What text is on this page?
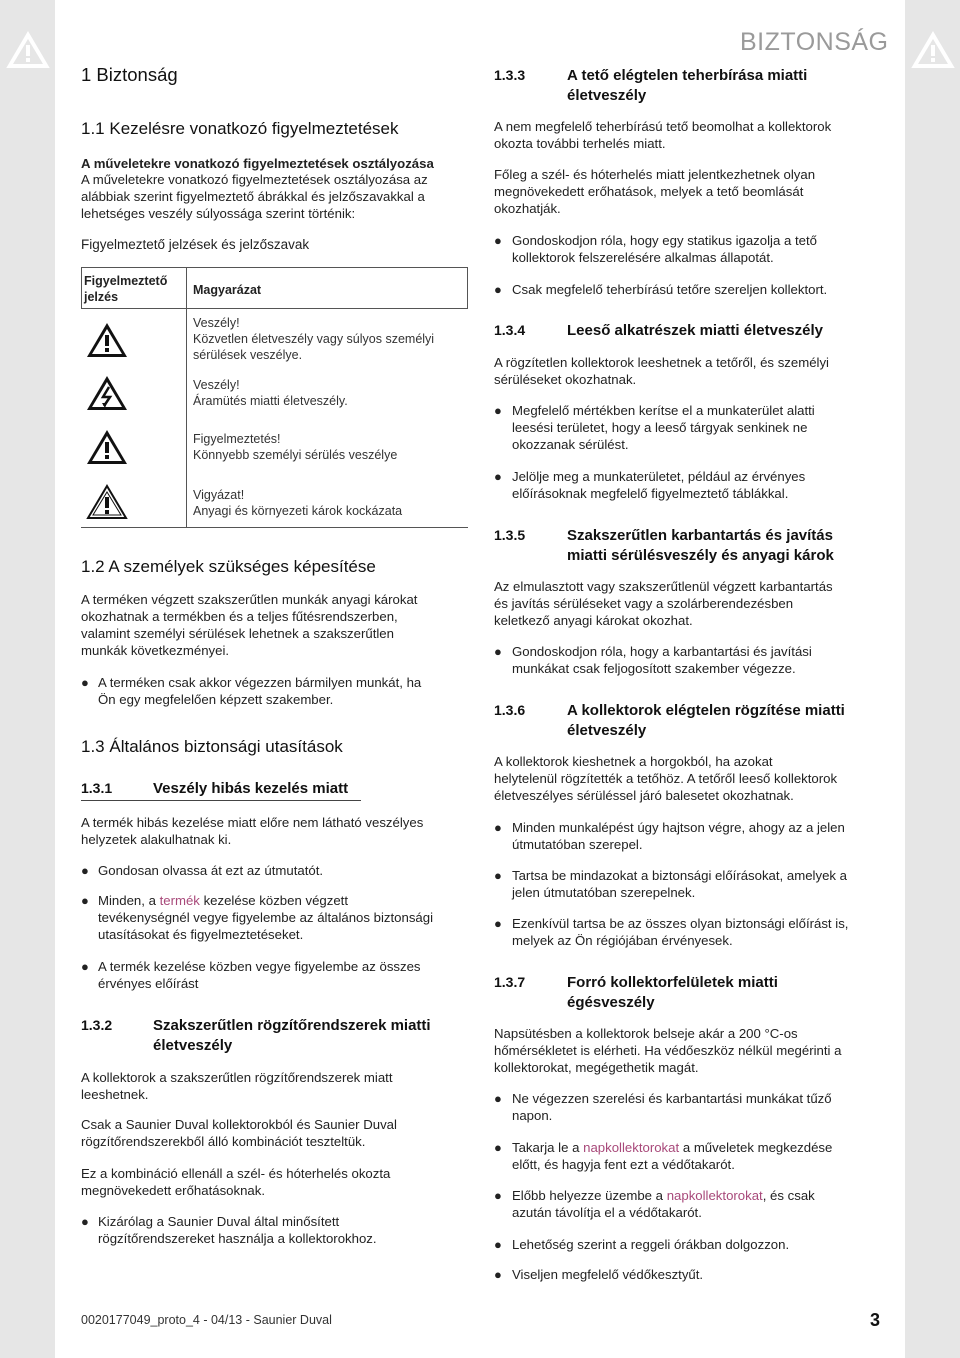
BIZTONSÁG
1 Biztonság
1.1 Kezelésre vonatkozó figyelmeztetések
A műveletekre vonatkozó figyelmeztetések osztályozása
A műveletekre vonatkozó figyelmeztetések osztályozása az
alábbiak szerint figyelmeztető ábrákkal és jelzőszavakkal a
lehetséges veszély súlyossága szerint történik:
Figyelmeztető jelzések és jelzőszavak
Figyelmeztető
jelzés	Magyarázat
Veszély!
Közvetlen életveszély vagy súlyos személyi
sérülések veszélye.
Veszély!
Áramütés miatti életveszély.
Figyelmeztetés!
Könnyebb személyi sérülés veszélye
Vigyázat!
Anyagi és környezeti károk kockázata
1.2 A személyek szükséges képesítése
A terméken végzett szakszerűtlen munkák anyagi károkat
okozhatnak a termékben és a teljes fűtésrendszerben,
valamint személyi sérülések lehetnek a szakszerűtlen
munkák következményei.
● A terméken csak akkor végezzen bármilyen munkát, ha
Ön egy megfelelően képzett szakember.
1.3 Általános biztonsági utasítások
1.3.1	Veszély hibás kezelés miatt
A termék hibás kezelése miatt előre nem látható veszélyes
helyzetek alakulhatnak ki.
● Gondosan olvassa át ezt az útmutatót.
● Minden, a termék kezelése közben végzett
tevékenységnél vegye figyelembe az általános biztonsági
utasításokat és figyelmeztetéseket.
● A termék kezelése közben vegye figyelembe az összes
érvényes előírást
1.3.2	Szakszerűtlen rögzítőrendszerek miatti
életveszély
A kollektorok a szakszerűtlen rögzítőrendszerek miatt
leeshetnek.
Csak a Saunier Duval kollektorokból és Saunier Duval
rögzítőrendszerekből álló kombinációt teszteltük.
Ez a kombináció ellenáll a szél- és hóterhelés okozta
megnövekedett erőhatásoknak.
● Kizárólag a Saunier Duval által minősített
rögzítőrendszereket használja a kollektorokhoz.
1.3.3	A tető elégtelen teherbírása miatti
életveszély
A nem megfelelő teherbírású tető beomolhat a kollektorok
okozta további terhelés miatt.
Főleg a szél- és hóterhelés miatt jelentkezhetnek olyan
megnövekedett erőhatások, melyek a tető beomlását
okozhatják.
● Gondoskodjon róla, hogy egy statikus igazolja a tető
kollektorok felszerelésére alkalmas állapotát.
● Csak megfelelő teherbírású tetőre szereljen kollektort.
1.3.4	Leeső alkatrészek miatti életveszély
A rögzítetlen kollektorok leeshetnek a tetőről, és személyi
sérüléseket okozhatnak.
● Megfelelő mértékben kerítse el a munkaterület alatti
leesési területet, hogy a leeső tárgyak senkinek ne
okozzanak sérülést.
● Jelölje meg a munkaterületet, például az érvényes
előírásoknak megfelelő figyelmeztető táblákkal.
1.3.5	Szakszerűtlen karbantartás és javítás
miatti sérülésveszély és anyagi károk
Az elmulasztott vagy szakszerűtlenül végzett karbantartás
és javítás sérüléseket vagy a szolárberendezésben
keletkező anyagi károkat okozhat.
● Gondoskodjon róla, hogy a karbantartási és javítási
munkákat csak feljogosított szakember végezze.
1.3.6	A kollektorok elégtelen rögzítése miatti
életveszély
A kollektorok kieshetnek a horgokból, ha azokat
helytelenül rögzítették a tetőhöz. A tetőről leeső kollektorok
életveszélyes sérüléssel járó balesetet okozhatnak.
● Minden munkalépést úgy hajtson végre, ahogy az a jelen
útmutatóban szerepel.
● Tartsa be mindazokat a biztonsági előírásokat, amelyek a
jelen útmutatóban szerepelnek.
● Ezenkívül tartsa be az összes olyan biztonsági előírást is,
melyek az Ön régiójában érvényesek.
1.3.7	Forró kollektorfelületek miatti
égésveszély
Napsütésben a kollektorok belseje akár a 200 °C-os
hőmérsékletet is elérheti. Ha védőeszköz nélkül megérinti a
kollektorokat, megégethetik magát.
● Ne végezzen szerelési és karbantartási munkákat tűző
napon.
● Takarja le a napkollektorokat a műveletek megkezdése
előtt, és hagyja fent ezt a védőtakarót.
● Előbb helyezze üzembe a napkollektorokat, és csak
azután távolítja el a védőtakarót.
● Lehetőség szerint a reggeli órákban dolgozzon.
● Viseljen megfelelő védőkesztyűt.
0020177049_proto_4 - 04/13 - Saunier Duval	3
